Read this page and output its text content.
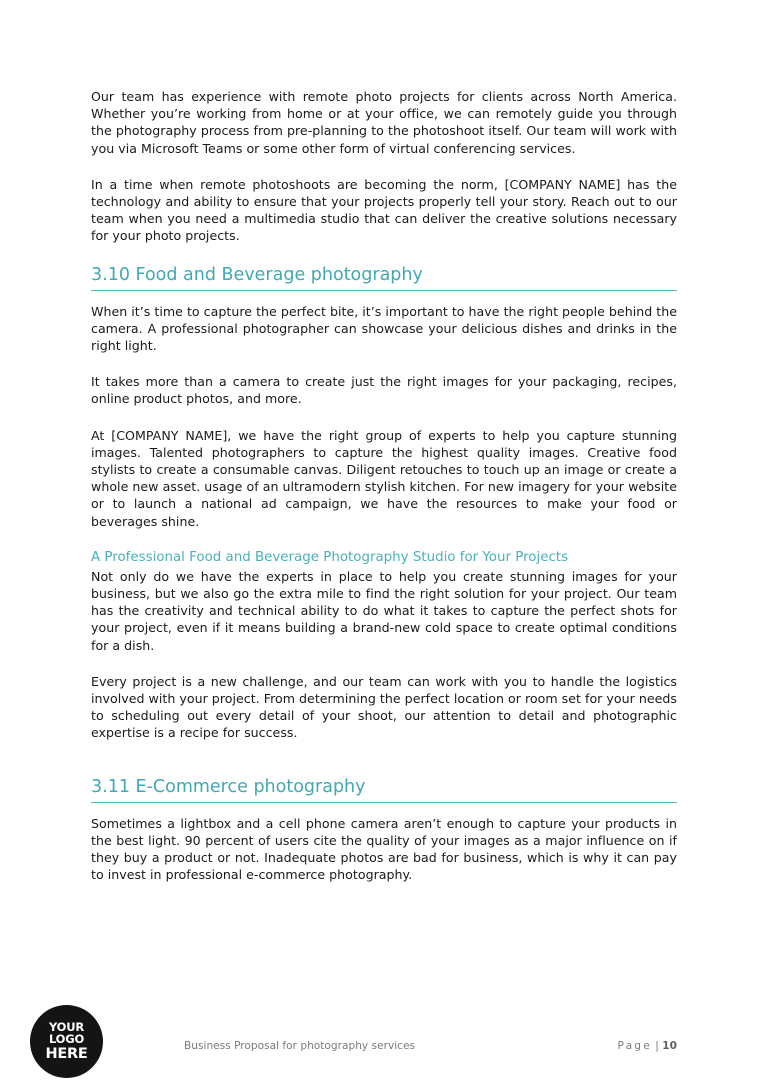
Our team has experience with remote photo projects for clients across North America. Whether you’re working from home or at your office, we can remotely guide you through the photography process from pre-planning to the photoshoot itself. Our team will work with you via Microsoft Teams or some other form of virtual conferencing services.

In a time when remote photoshoots are becoming the norm, [COMPANY NAME] has the technology and ability to ensure that your projects properly tell your story. Reach out to our team when you need a multimedia studio that can deliver the creative solutions necessary for your photo projects.

3.10 Food and Beverage photography

When it’s time to capture the perfect bite, it’s important to have the right people behind the camera. A professional photographer can showcase your delicious dishes and drinks in the right light.

It takes more than a camera to create just the right images for your packaging, recipes, online product photos, and more.

At [COMPANY NAME], we have the right group of experts to help you capture stunning images. Talented photographers to capture the highest quality images. Creative food stylists to create a consumable canvas. Diligent retouches to touch up an image or create a whole new asset. usage of an ultramodern stylish kitchen. For new imagery for your website or to launch a national ad campaign, we have the resources to make your food or beverages shine.

A Professional Food and Beverage Photography Studio for Your Projects

Not only do we have the experts in place to help you create stunning images for your business, but we also go the extra mile to find the right solution for your project. Our team has the creativity and technical ability to do what it takes to capture the perfect shots for your project, even if it means building a brand-new cold space to create optimal conditions for a dish.

Every project is a new challenge, and our team can work with you to handle the logistics involved with your project. From determining the perfect location or room set for your needs to scheduling out every detail of your shoot, our attention to detail and photographic expertise is a recipe for success.

3.11 E-Commerce photography

Sometimes a lightbox and a cell phone camera aren’t enough to capture your products in the best light. 90 percent of users cite the quality of your images as a major influence on if they buy a product or not. Inadequate photos are bad for business, which is why it can pay to invest in professional e-commerce photography.

YOUR
LOGO
HERE	Business Proposal for photography services	Page | 10
